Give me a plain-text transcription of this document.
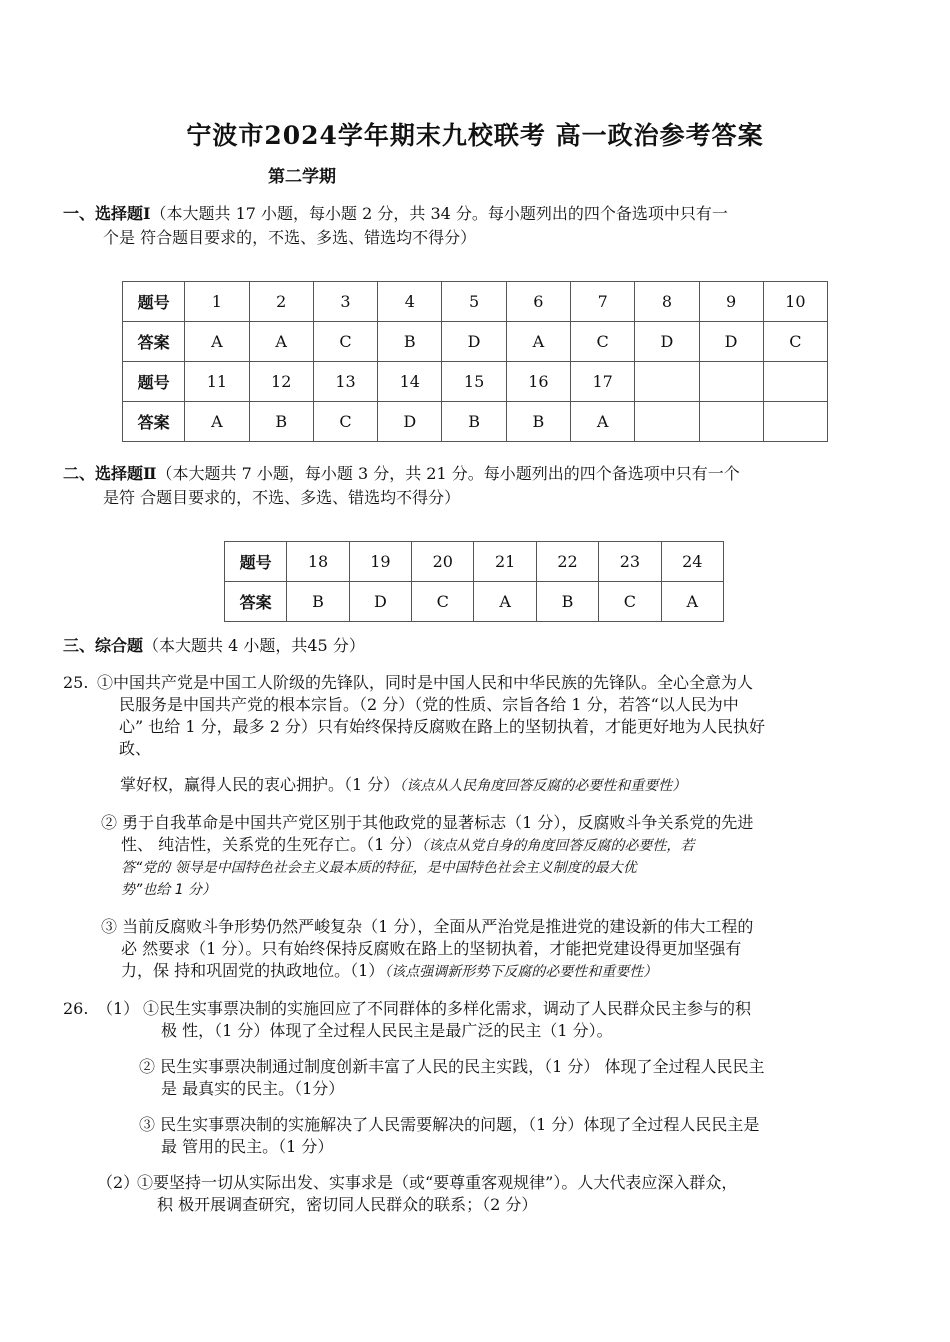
宁波市2024学年期末九校联考 高一政治参考答案
第二学期
一、选择题Ⅰ（本大题共 17 小题，每小题 2 分，共 34 分。每小题列出的四个备选项中只有一
个是 符合题目要求的，不选、多选、错选均不得分）
题号	1	2	3	4	5	6	7	8	9	10
答案	A	A	C	B	D	A	C	D	D	C
题号	11	12	13	14	15	16	17			
答案	A	B	C	D	B	B	A			
二、选择题Ⅱ（本大题共 7 小题，每小题 3 分，共 21 分。每小题列出的四个备选项中只有一个
是符 合题目要求的，不选、多选、错选均不得分）
题号	18	19	20	21	22	23	24
答案	B	D	C	A	B	C	A
三、综合题（本大题共 4 小题，共45 分）
25. ①中国共产党是中国工人阶级的先锋队，同时是中国人民和中华民族的先锋队。全心全意为人
民服务是中国共产党的根本宗旨。（2 分）（党的性质、宗旨各给 1 分，若答“以人民为中
心” 也给 1 分，最多 2 分）只有始终保持反腐败在路上的坚韧执着，才能更好地为人民执好
政、
掌好权，赢得人民的衷心拥护。（1 分）（该点从人民角度回答反腐的必要性和重要性）
② 勇于自我革命是中国共产党区别于其他政党的显著标志（1 分），反腐败斗争关系党的先进
性、 纯洁性，关系党的生死存亡。（1 分）（该点从党自身的角度回答反腐的必要性，若
答“党的 领导是中国特色社会主义最本质的特征，是中国特色社会主义制度的最大优
势”也给 1 分）
③ 当前反腐败斗争形势仍然严峻复杂（1 分），全面从严治党是推进党的建设新的伟大工程的
必 然要求（1 分）。只有始终保持反腐败在路上的坚韧执着，才能把党建设得更加坚强有
力，保 持和巩固党的执政地位。（1）（该点强调新形势下反腐的必要性和重要性）
26. （1） ①民生实事票决制的实施回应了不同群体的多样化需求，调动了人民群众民主参与的积
极 性，（1 分）体现了全过程人民民主是最广泛的民主（1 分）。
② 民生实事票决制通过制度创新丰富了人民的民主实践，（1 分） 体现了全过程人民民主
是 最真实的民主。（1分）
③ 民生实事票决制的实施解决了人民需要解决的问题，（1 分）体现了全过程人民民主是
最 管用的民主。（1 分）
（2）
①要坚持一切从实际出发、实事求是（或“要尊重客观规律”）。人大代表应深入群众，
积 极开展调查研究，密切同人民群众的联系；（2 分）
